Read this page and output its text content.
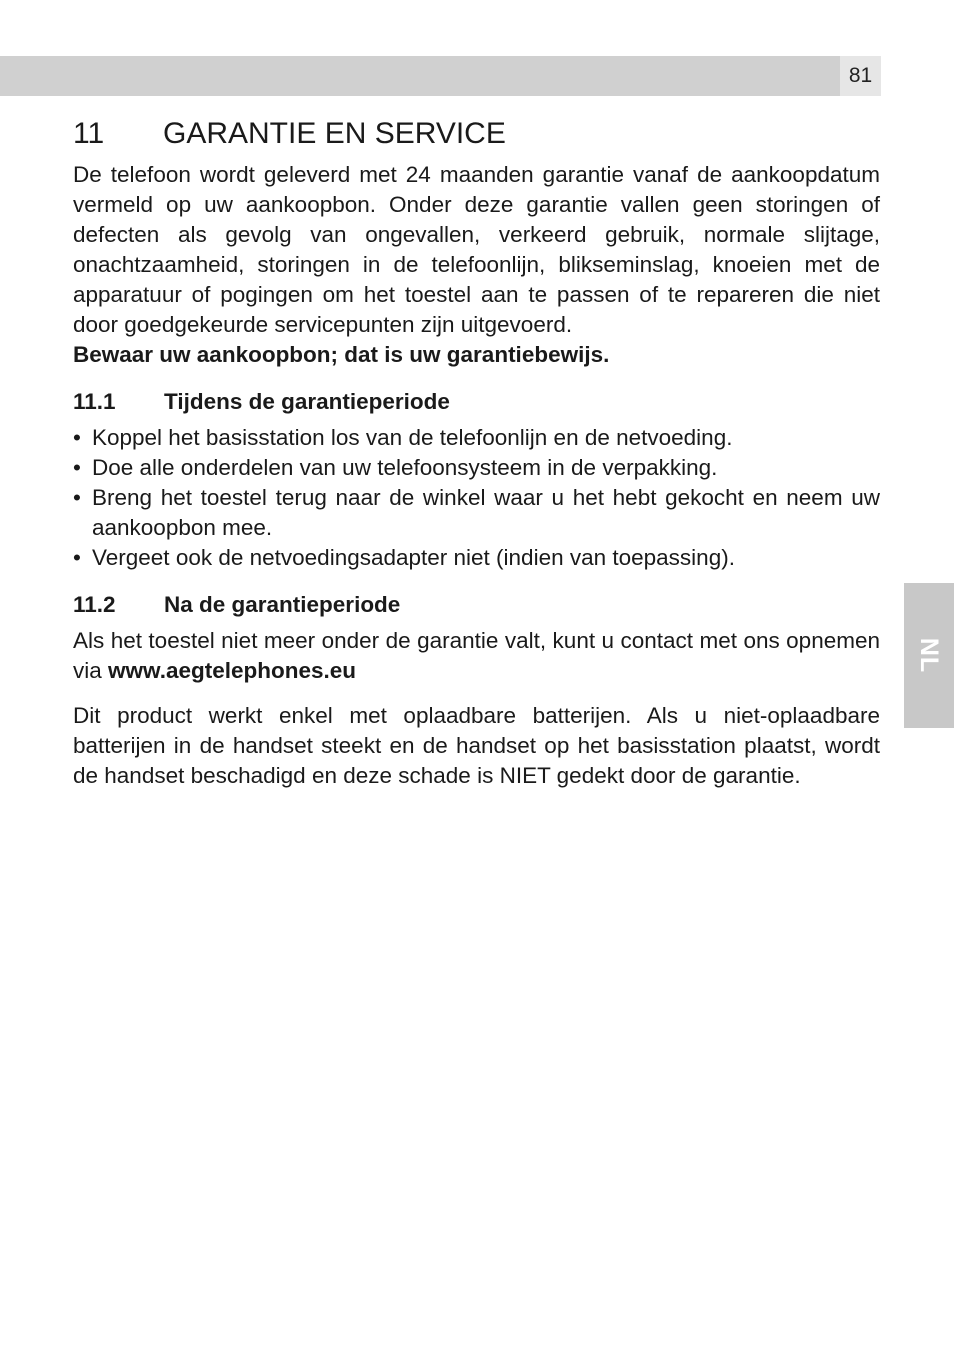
81
NL
11	GARANTIE EN SERVICE

De telefoon wordt geleverd met 24 maanden garantie vanaf de aankoopdatum vermeld op uw aankoopbon. Onder deze garantie vallen geen storingen of defecten als gevolg van ongevallen, verkeerd gebruik, normale slijtage, onachtzaamheid, storingen in de telefoonlijn, blikseminslag, knoeien met de apparatuur of pogingen om het toestel aan te passen of te repareren die niet door goedgekeurde servicepunten zijn uitgevoerd.

Bewaar uw aankoopbon; dat is uw garantiebewijs.

11.1	Tijdens de garantieperiode
• Koppel het basisstation los van de telefoonlijn en de netvoeding.
• Doe alle onderdelen van uw telefoonsysteem in de verpakking.
• Breng het toestel terug naar de winkel waar u het hebt gekocht en neem uw aankoopbon mee.
• Vergeet ook de netvoedingsadapter niet (indien van toepassing).
11.2	Na de garantieperiode

Als het toestel niet meer onder de garantie valt, kunt u contact met ons opnemen via www.aegtelephones.eu

Dit product werkt enkel met oplaadbare batterijen. Als u niet-oplaadbare batterijen in de handset steekt en de handset op het basisstation plaatst, wordt de handset beschadigd en deze schade is NIET gedekt door de garantie.
